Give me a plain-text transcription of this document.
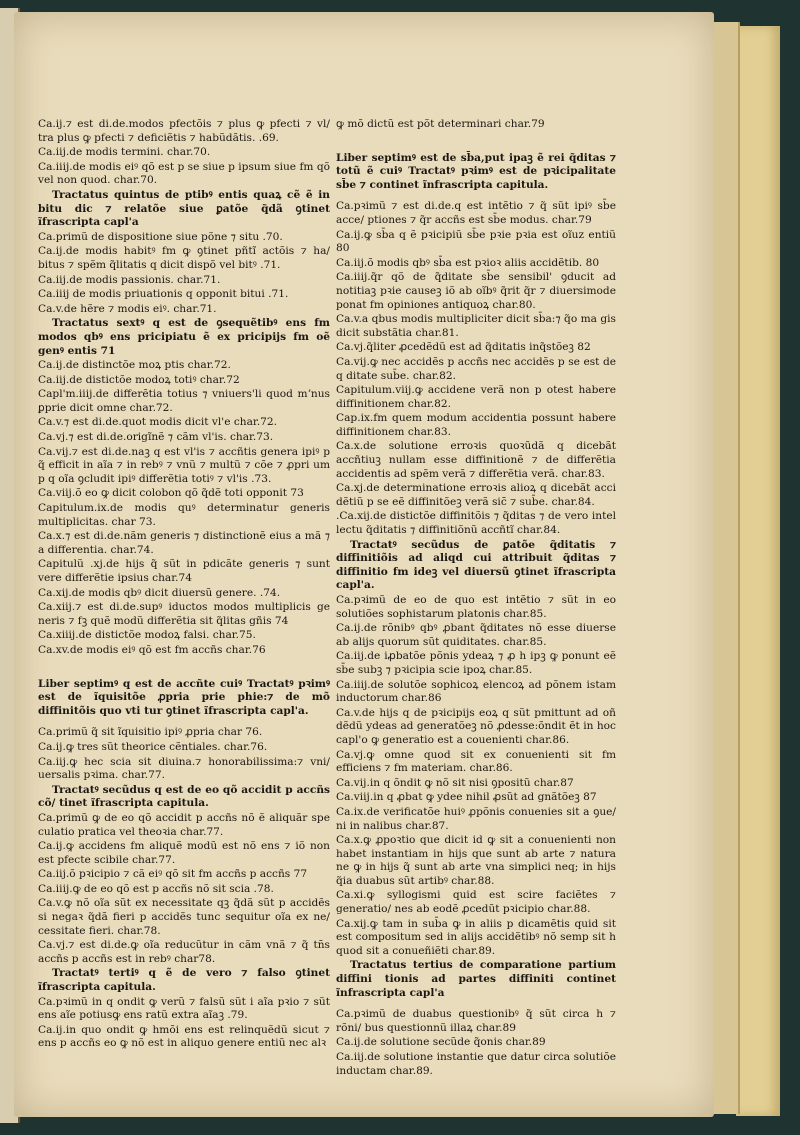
Ca.ij.⁊ est di.de.modos pfectõis ⁊ plus ꝙ pfecti ⁊ vl/ tra plus ꝙ pfecti ⁊ deficiẽtis ⁊ habũdãtis. .69.

Ca.iij.de modis termini. char.70.

Ca.iiij.de modis eiꝰ qõ est p se siue p ipsum siue fm qõ vel non quod. char.70.

Tractatus quintus de ptibꝰ entis quaꝝ cẽ ẽ in bitu dic ⁊ relatõe siue ꝑatõe q̃dã ꝯtinet ĩfrascripta capl'a

Ca.primũ de dispositione siue põne ⁊ situ .70.

Ca.ij.de modis habitꝰ fm ꝙ ꝯtinet pñtĩ actõis ⁊ ha/ bitus ⁊ spẽm q̃litatis q dicit dispõ vel bitꝰ .71.

Ca.iij.de modis passionis. char.71.

Ca.iiij de modis priuationis q opponit bitui .71.

Ca.v.de hẽre ⁊ modis eiꝰ. char.71.

Tractatus sextꝰ q est de ꝯsequẽtibꝰ ens fm modos qbꝰ ens pricipiatu ẽ ex pricipijs fm oẽ genꝰ entis 71

Ca.ij.de distinctõe moꝝ ptis char.72.

Ca.iij.de distictõe modoꝝ totiꝰ char.72

Capl'm.iiij.de differẽtia totius ⁊ vniuers'li quod mʼnus ꝑprie dicit omne char.72.

Ca.v.⁊ est di.de.quot modis dicit vl'e char.72.

Ca.vj.⁊ est di.de.origĩnẽ ⁊ cãm vl'is. char.73.

Ca.vij.⁊ est di.de.naꝫ q est vl'is ⁊ accñtis genera ipiꝰ p q̃ efficit in aĩa ⁊ in rebꝰ ⁊ vnũ ⁊ multũ ⁊ cõe ⁊ ꝓpri um p q oĩa ꝯcludit ipiꝰ differẽtia totiꝰ ⁊ vl'is .73.

Ca.viij.õ eo ꝙ dicit colobon qõ q̃dẽ toti opponit 73

Capitulum.ix.de modis quꝰ determinatur generis multiplicitas. char 73.

Ca.x.⁊ est di.de.nãm generis ⁊ distinctionẽ eius a mã ⁊ a differentia. char.74.

Capitulũ .xj.de hijs q̃ sũt in pdicãte generis ⁊ sunt vere differẽtie ipsius char.74

Ca.xij.de modis qbꝰ dicit diuersũ genere. .74.

Ca.xiij.⁊ est di.de.supꝰ iductos modos multiplicis ge neris ⁊ fꝫ quẽ modũ differẽtia sit q̃litas gñis 74

Ca.xiiij.de distictõe modoꝝ falsi. char.75.

Ca.xv.de modis eiꝰ qõ est fm accñs char.76

Liber septimꝰ q est de accñte cuiꝰ Tractatꝰ pꝛimꝰ est de ĩquisitõe ꝓpria prie phie:⁊ de mõ diffinitõis quo vti tur ꝯtinet ĩfrascripta capl'a.

Ca.primũ q̃ sit ĩquisitio ipiꝰ ꝓpria char 76.

Ca.ij.ꝙ tres sũt theorice cẽntiales. char.76.

Ca.iij.ꝙ hec scia sit diuina.⁊ honorabilissima:⁊ vni/ uersalis pꝛima. char.77.

Tractatꝰ secũdus q est de eo qõ accidit p accñs cõ/ tinet ĩfrascripta capitula.

Ca.primũ ꝙ de eo qõ accidit p accñs nõ ẽ aliquãr spe culatio pratica vel theoꝛia char.77.

Ca.ij.ꝙ accidens fm aliquẽ modũ est nõ ens ⁊ iõ non est pfecte scibile char.77.

Ca.iij.õ pꝛicipio ⁊ cã eiꝰ qõ sit fm accñs p accñs 77

Ca.iiij.ꝙ de eo qõ est p accñs nõ sit scia .78.

Ca.v.ꝙ nõ oĩa sũt ex necessitate qꝫ q̃dã sũt p accidẽs si negaꝛ q̃dã fieri p accidẽs tunc sequitur oĩa ex ne/ cessitate fieri. char.78.

Ca.vj.⁊ est di.de.ꝙ oĩa reducũtur in cãm vnã ⁊ q̃ tn̄s accñs p accñs est in rebꝰ char78.

Tractatꝰ tertiꝰ q ẽ de vero ⁊ falso ꝯtinet ĩfrascripta capitula.

Ca.pꝛimũ in q ondit ꝙ verũ ⁊ falsũ sũt i aĩa pꝛio ⁊ sũt ens aĩe potiusꝙ ens ratũ extra aĩaꝫ .79.

Ca.ij.in quo ondit ꝙ hmõi ens est relinquẽdũ sicut ⁊ ens p accñs eo ꝙ nõ est in aliquo genere entiũ nec alꝛ

ꝙ mõ dictũ est põt determinari char.79

Liber septimꝰ est de sb̄a,put ipaꝫ ẽ rei q̃ditas ⁊ totũ ẽ cuiꝰ Tractatꝰ pꝛimꝰ est de pꝛicipalitate sb̄e ⁊ continet ĩnfrascripta capitula.

Ca.pꝛimũ ⁊ est di.de.q est intẽtio ⁊ q̃ sũt ipiꝰ sb̄e acce/ ptiones ⁊ q̃r accñs est sb̄e modus. char.79

Ca.ij.ꝙ sb̄a q ẽ pꝛicipiũ sb̄e pꝛie pꝛia est oĩuz entiũ 80

Ca.iij.õ modis qbꝰ sb̄a est pꝛioꝛ aliis accidẽtib. 80

Ca.iiij.q̃r qõ de q̃ditate sb̄e sensibil' ꝯducit ad notitiaꝫ pꝛie causeꝫ iõ ab oĩbꝰ q̃rit q̃r ⁊ diuersimode ponat fm opiniones antiquoꝝ char.80.

Ca.v.a qbus modis multipliciter dicit sb̄a:⁊ q̃o ma gis dicit substãtia char.81.

Ca.vj.q̃liter ꝓcedẽdũ est ad q̃ditatis inq̃stõeꝫ 82

Ca.vij.ꝙ nec accidẽs p accñs nec accidẽs p se est de q ditate sub̄e. char.82.

Capitulum.viij.ꝙ accidene verã non p otest habere diffinitionem char.82.

Cap.ix.fm quem modum accidentia possunt habere diffinitionem char.83.

Ca.x.de solutione erroꝛis quoꝛũdã q dicebãt accñtiuꝫ nullam esse diffinitionẽ ⁊ de differẽtia accidentis ad spẽm verã ⁊ differẽtia verã. char.83.

Ca.xj.de determinatione erroꝛis alioꝝ q dicebãt acci dẽtiũ p se eẽ diffinitõeꝫ verã sic̄ ⁊ sub̄e. char.84.

.Ca.xij.de distictõe diffinitõis ⁊ q̃ditas ⁊ de vero intel lectu q̃ditatis ⁊ diffinitiõnũ accñtĩ char.84.

Tractatꝰ secũdus de ꝑatõe q̃ditatis ⁊ diffinitiõis ad aliqd cui attribuit q̃ditas ⁊ diffinitio fm ideꝫ vel diuersũ ꝯtinet ĩfrascripta capl'a.

Ca.pꝛimũ de eo de quo est intẽtio ⁊ sũt in eo solutiões sophistarum platonis char.85.

Ca.ij.de rõnibꝰ qbꝰ ꝓbant q̃ditates nõ esse diuerse ab alijs quorum sũt quiditates. char.85.

Ca.iij.de iꝓbatõe põnis ydeaꝝ ⁊ ꝓ h ipꝫ ꝙ ponunt eẽ sb̄e subꝫ ⁊ pꝛicipia scie ipoꝝ char.85.

Ca.iiij.de solutõe sophicoꝝ elencoꝝ ad põnem istam inductorum char.86

Ca.v.de hijs q de pꝛicipijs eoꝝ q sũt pmittunt ad oñ dẽdũ ydeas ad generatõeꝫ nõ ꝓdesse:õndit ẽt in hoc capl'o ꝙ generatio est a couenienti char.86.

Ca.vj.ꝙ omne quod sit ex conuenienti sit fm efficiens ⁊ fm materiam. char.86.

Ca.vij.in q õndit ꝙ nõ sit nisi ꝯpositũ char.87

Ca.viij.in q ꝓbat ꝙ ydee nihil ꝓsũt ad gnãtõeꝫ 87

Ca.ix.de verificatõe huiꝰ ꝓpõnis conuenies sit a ꝯue/ ni in nalibus char.87.

Ca.x.ꝙ ꝓpoꝛtio que dicit id ꝙ sit a conuenienti non habet instantiam in hijs que sunt ab arte ⁊ natura ne ꝙ in hijs q̃ sunt ab arte vna simplici neq; in hijs q̃ia duabus sũt artibꝰ char.88.

Ca.xi.ꝙ syllogismi quid est scire faciẽtes ⁊ generatio/ nes ab eodẽ ꝓcedũt pꝛicipio char.88.

Ca.xij.ꝙ tam in sub̄a ꝙ in aliis p dicamẽtis quid sit est compositum sed in alijs accidẽtibꝰ nõ semp sit h quod sit a conueñiẽti char.89.

Tractatus tertius de comparatione partium diffini tionis ad partes diffiniti continet ĩnfrascripta capl'a

Ca.pꝛimũ de duabus questionibꝰ q̃ sũt circa h ⁊ rõni/ bus questionnũ illaꝝ char.89

Ca.ij.de solutione secũde q̃onis char.89

Ca.iij.de solutione instantie que datur circa solutiõe inductam char.89.
